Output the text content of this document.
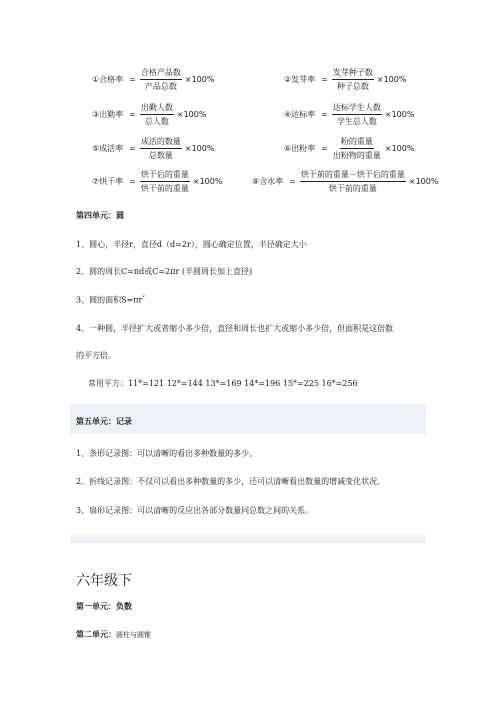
①合格率 = $\frac{\text{合格产品数}}{\text{产品总数}} \times 100\%$	②发芽率 = $\frac{\text{发芽种子数}}{\text{种子总数}} \times 100\%$
③出勤率 = $\frac{\text{出勤人数}}{\text{总人数}} \times 100\%$	④达标率 = $\frac{\text{达标学生人数}}{\text{学生总人数}} \times 100\%$
⑤成活率 = $\frac{\text{成活的数量}}{\text{总数量}} \times 100\%$	⑥出粉率 = $\frac{\text{粉的重量}}{\text{出粉物的重量}} \times 100\%$
⑦烘干率 = $\frac{\text{烘干后的重量}}{\text{烘干前的重量}} \times 100\%$	⑧含水率 = $\frac{\text{烘干前的重量－烘干后的重量}}{\text{烘干前的重量}} \times 100\%$
第四单元：圆
1、圆心，半径r，直径d（d=2r），圆心确定位置，半径确定大小
2、圆的周长C=πd或C=2πr (半圆周长加上直径)
3、圆的面积$S=\pi r^{^2}$
4、一种圆，半径扩大或者缩小多少倍，直径和周长也扩大或缩小多少倍，但面积是这倍数
的平方倍。
常用平方：11*=121 12*=144 13*=169 14*=196 15*=225 16*=256
第五单元：记录
1、条形记录图：可以清晰的看出多种数量的多少。
2、折线记录图：不仅可以看出多种数量的多少，还可以清晰看出数量的增减变化状况。
3、扇形记录图：可以清晰的反应出各部分数量同总数之间的关系。
六年级下
第一单元：负数
第二单元：圆柱与圆锥
